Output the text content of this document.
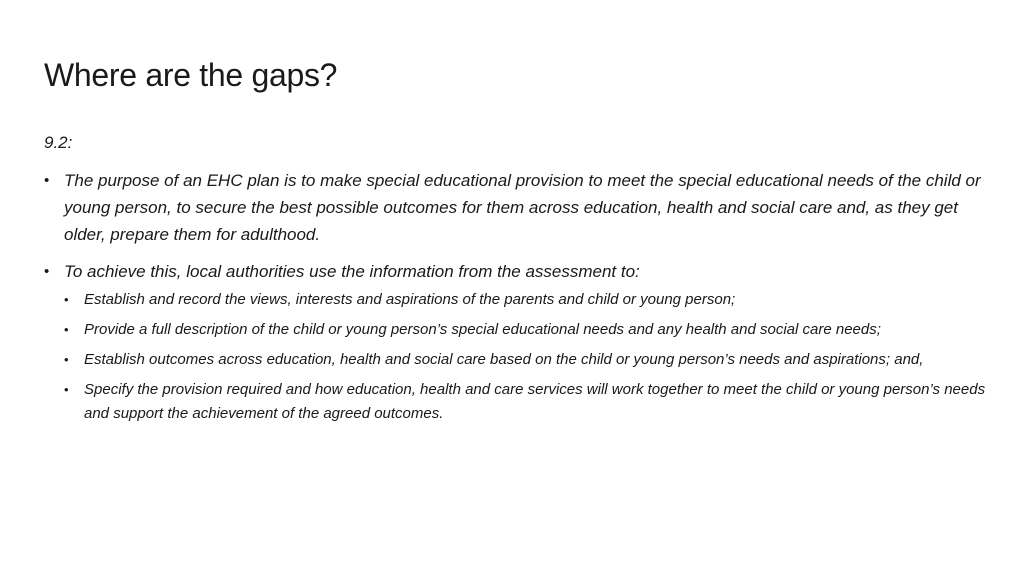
Where are the gaps?

9.2:

• The purpose of an EHC plan is to make special educational provision to meet the special educational needs of the child or young person, to secure the best possible outcomes for them across education, health and social care and, as they get older, prepare them for adulthood.
• To achieve this, local authorities use the information from the assessment to:
• Establish and record the views, interests and aspirations of the parents and child or young person;
• Provide a full description of the child or young person’s special educational needs and any health and social care needs;
• Establish outcomes across education, health and social care based on the child or young person’s needs and aspirations; and,
• Specify the provision required and how education, health and care services will work together to meet the child or young person’s needs and support the achievement of the agreed outcomes.
